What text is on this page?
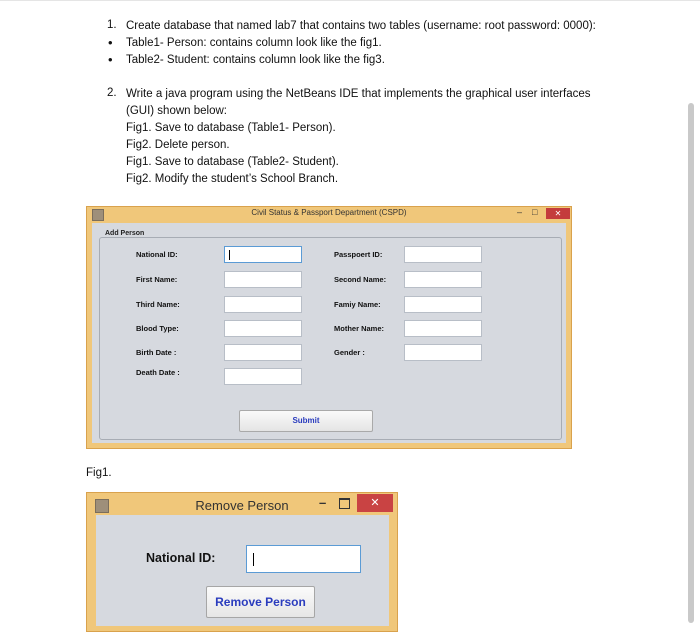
1. Create database that named lab7 that contains two tables (username: root password: 0000):
• Table1- Person: contains column look like the fig1.
• Table2- Student: contains column look like the fig3.
2. Write a java program using the NetBeans IDE that implements the graphical user interfaces
(GUI) shown below:
Fig1. Save to database (Table1- Person).
Fig2. Delete person.
Fig1. Save to database (Table2- Student).
Fig2. Modify the student’s School Branch.
Civil Status & Passport Department (CSPD)
Add Person
– □	✕
National ID:
First Name:
Third Name:
Blood Type:
Birth Date :
Death Date :
Passpoert ID:
Second Name:
Famiy Name:
Mother Name:
Gender :
Submit
Fig1.
Remove Person	–	✕
National ID:
Remove Person
